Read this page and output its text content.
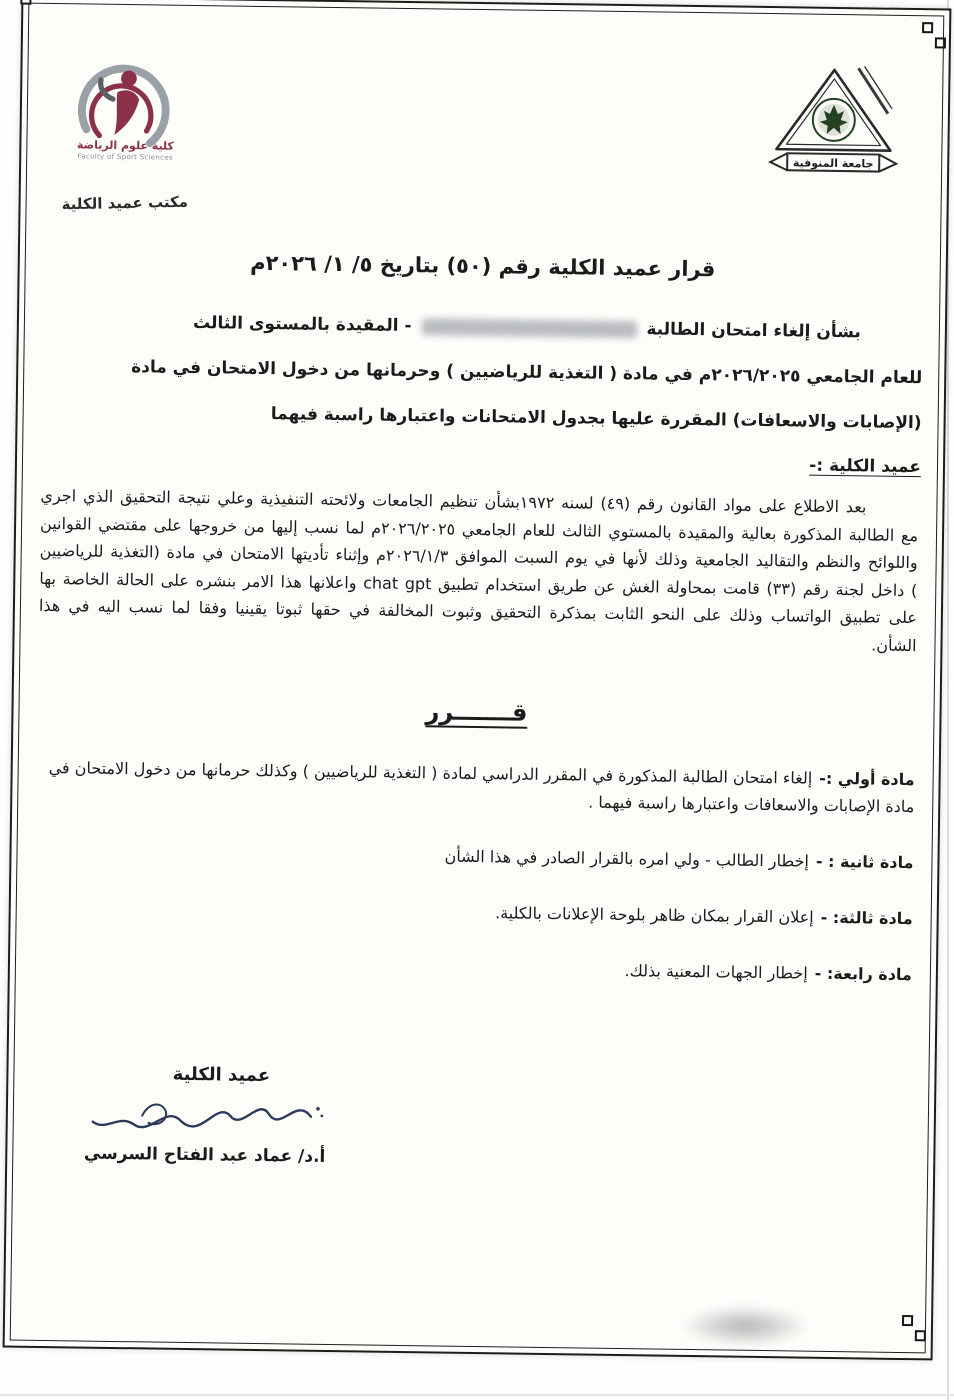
كلية علوم الرياضة
Faculty of Sport Sciences

مكتب عميد الكلية
جامعة المنوفية
قرار عميد الكلية رقم (٥٠) بتاريخ ٥/ ١/ ٢٠٢٦م
بشأن إلغاء امتحان الطالبة- المقيدة بالمستوى الثالث
للعام الجامعي ٢٠٢٦/٢٠٢٥م في مادة ( التغذية للرياضيين ) وحرمانها من دخول الامتحان في مادة
(الإصابات والاسعافات) المقررة عليها بجدول الامتحانات واعتبارها راسبة فيهما
عميد الكلية :-
بعد الاطلاع على مواد القانون رقم (٤٩) لسنه ١٩٧٢بشأن تنظيم الجامعات ولائحته التنفيذية وعلي نتيجة التحقيق الذي اجري مع الطالبة المذكورة بعالية والمقيدة بالمستوي الثالث للعام الجامعي ٢٠٢٦/٢٠٢٥م لما نسب إليها من خروجها على مقتضي القوانين واللوائح والنظم والتقاليد الجامعية وذلك لأنها في يوم السبت الموافق ٢٠٢٦/١/٣م وإثناء تأديتها الامتحان في مادة (التغذية للرياضيين ) داخل لجنة رقم (٣٣) قامت بمحاولة الغش عن طريق استخدام تطبيق chat gpt واعلانها هذا الامر بنشره على الحالة الخاصة بها على تطبيق الواتساب وذلك على النحو الثابت بمذكرة التحقيق وثبوت المخالفة في حقها ثبوتا يقينيا وفقا لما نسب اليه في هذا الشأن.
قـــــــرر
مادة أولي :-إلغاء امتحان الطالبة المذكورة في المقرر الدراسي لمادة ( التغذية للرياضيين ) وكذلك حرمانها من دخول الامتحان في مادة الإصابات والاسعافات واعتبارها راسبة فيهما .
مادة ثانية : -إخطار الطالب - ولي امره بالقرار الصادر في هذا الشأن
مادة ثالثة: -إعلان القرار بمكان ظاهر بلوحة الإعلانات بالكلية.
مادة رابعة: -إخطار الجهات المعنية بذلك.
عميد الكلية
أ.د/ عماد عبد الفتاح السرسي
